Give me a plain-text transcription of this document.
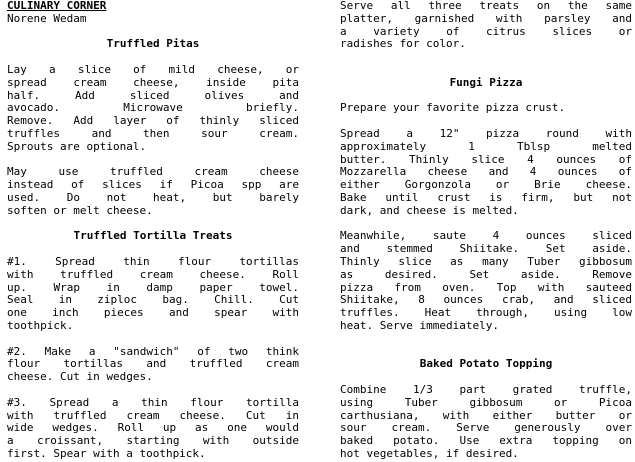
CULINARY CORNER
Norene Wedam
Truffled Pitas
Lay a slice of mild cheese, or
spread cream cheese, inside pita
half. Add sliced olives and
avocado. Microwave briefly.
Remove. Add layer of thinly sliced
truffles and then sour cream.
Sprouts are optional.
May use truffled cream cheese
instead of slices if Picoa spp are
used. Do not heat, but barely
soften or melt cheese.
Truffled Tortilla Treats
#1. Spread thin flour tortillas
with truffled cream cheese. Roll
up. Wrap in damp paper towel.
Seal in ziploc bag. Chill. Cut
one inch pieces and spear with
toothpick.
#2. Make a "sandwich" of two think
flour tortillas and truffled cream
cheese. Cut in wedges.
#3. Spread a thin flour tortilla
with truffled cream cheese. Cut in
wide wedges. Roll up as one would
a croissant, starting with outside
first. Spear with a toothpick.
Serve all three treats on the same
platter, garnished with parsley and
a variety of citrus slices or
radishes for color.
Fungi Pizza
Prepare your favorite pizza crust.
Spread a 12" pizza round with
approximately 1 Tblsp melted
butter. Thinly slice 4 ounces of
Mozzarella cheese and 4 ounces of
either Gorgonzola or Brie cheese.
Bake until crust is firm, but not
dark, and cheese is melted.
Meanwhile, saute 4 ounces sliced
and stemmed Shiitake. Set aside.
Thinly slice as many Tuber gibbosum
as desired. Set aside. Remove
pizza from oven. Top with sauteed
Shiitake, 8 ounces crab, and sliced
truffles. Heat through, using low
heat. Serve immediately.
Baked Potato Topping
Combine 1/3 part grated truffle,
using Tuber gibbosum or Picoa
carthusiana, with either butter or
sour cream. Serve generously over
baked potato. Use extra topping on
hot vegetables, if desired.
